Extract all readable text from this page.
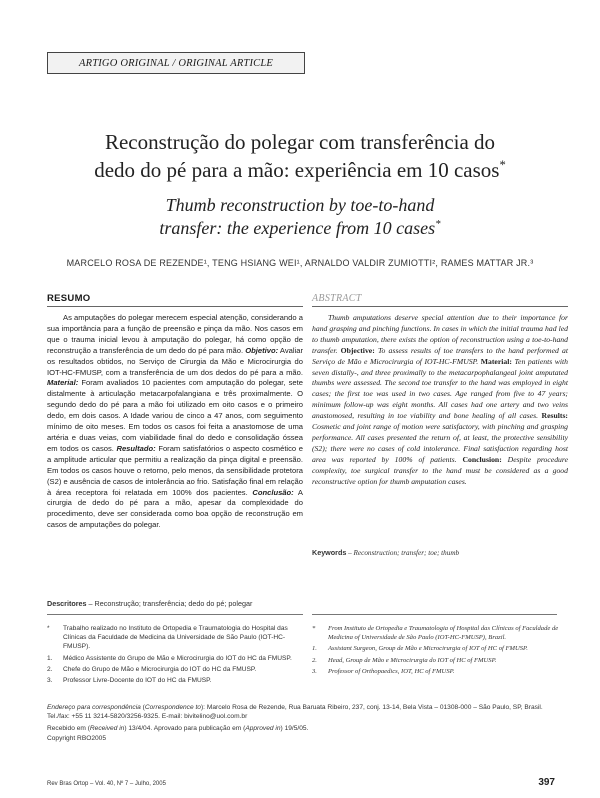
ARTIGO ORIGINAL / ORIGINAL ARTICLE
Reconstrução do polegar com transferência do
dedo do pé para a mão: experiência em 10 casos*
Thumb reconstruction by toe-to-hand
transfer: the experience from 10 cases*
MARCELO ROSA DE REZENDE¹, TENG HSIANG WEI¹, ARNALDO VALDIR ZUMIOTTI², RAMES MATTAR JR.³
RESUMO

As amputações do polegar merecem especial atenção, considerando a sua importância para a função de preensão e pinça da mão. Nos casos em que o trauma inicial levou à amputação do polegar, há como opção de reconstrução a transferência de um dedo do pé para mão. Objetivo: Avaliar os resultados obtidos, no Serviço de Cirurgia da Mão e Microcirurgia do IOT-HC-FMUSP, com a transferência de um dos dedos do pé para a mão. Material: Foram avaliados 10 pacientes com amputação do polegar, sete distalmente à articulação metacarpofalangiana e três proximalmente. O segundo dedo do pé para a mão foi utilizado em oito casos e o primeiro dedo, em dois casos. A Idade variou de cinco a 47 anos, com seguimento mínimo de oito meses. Em todos os casos foi feita a anastomose de uma artéria e duas veias, com viabilidade final do dedo e consolidação óssea em todos os casos. Resultado: Foram satisfatórios o aspecto cosmético e a amplitude articular que permitiu a realização da pinça digital e preensão. Em todos os casos houve o retorno, pelo menos, da sensibilidade protetora (S2) e ausência de casos de intolerância ao frio. Satisfação final em relação à área receptora foi relatada em 100% dos pacientes. Conclusão: A cirurgia de dedo do pé para a mão, apesar da complexidade do procedimento, deve ser considerada como boa opção de reconstrução em casos de amputações do polegar.

Descritores – Reconstrução; transferência; dedo do pé; polegar
ABSTRACT

Thumb amputations deserve special attention due to their importance for hand grasping and pinching functions. In cases in which the initial trauma had led to thumb amputation, there exists the option of reconstruction using a toe-to-hand transfer. Objective: To assess results of toe transfers to the hand performed at Serviço de Mão e Microcirurgia of IOT-HC-FMUSP. Material: Ten patients with seven distally-, and three proximally to the metacarpophalangeal joint amputated thumbs were assessed. The second toe transfer to the hand was employed in eight cases; the first toe was used in two cases. Age ranged from five to 47 years; minimum follow-up was eight months. All cases had one artery and two veins anastomosed, resulting in toe viability and bone healing of all cases. Results: Cosmetic and joint range of motion were satisfactory, with pinching and grasping performance. All cases presented the return of, at least, the protective sensibility (S2); there were no cases of cold intolerance. Final satisfaction regarding host area was reported by 100% of patients. Conclusion: Despite procedure complexity, toe surgical transfer to the hand must be considered as a good reconstructive option for thumb amputation cases.

Keywords – Reconstruction; transfer; toe; thumb
*	Trabalho realizado no Instituto de Ortopedia e Traumatologia do Hospital das Clínicas da Faculdade de Medicina da Universidade de São Paulo (IOT-HC-FMUSP).
1.	Médico Assistente do Grupo de Mão e Microcirurgia do IOT do HC da FMUSP.
2.	Chefe do Grupo de Mão e Microcirurgia do IOT do HC da FMUSP.
3.	Professor Livre-Docente do IOT do HC da FMUSP.
*	From Instituto de Ortopedia e Traumatologia of Hospital das Clínicas of Faculdade de Medicina of Universidade de São Paulo (IOT-HC-FMUSP), Brazil.
1.	Assistant Surgeon, Group de Mão e Microcirurgia of IOT of HC of FMUSP.
2.	Head, Group de Mão e Microcirurgia do IOT of HC of FMUSP.
3.	Professor of Orthopaedics, IOT, HC of FMUSP.
Endereço para correspondência (Correspondence to): Marcelo Rosa de Rezende, Rua Baruata Ribeiro, 237, conj. 13-14, Bela Vista – 01308-000 – São Paulo, SP, Brasil. Tel./fax: +55 11 3214-5820/3256-9325. E-mail: bivitelino@uol.com.br
Recebido em (Received in) 13/4/04. Aprovado para publicação em (Approved in) 19/5/05.
Copyright RBO2005
Rev Bras Ortop – Vol. 40, Nº 7 – Julho, 2005	397
